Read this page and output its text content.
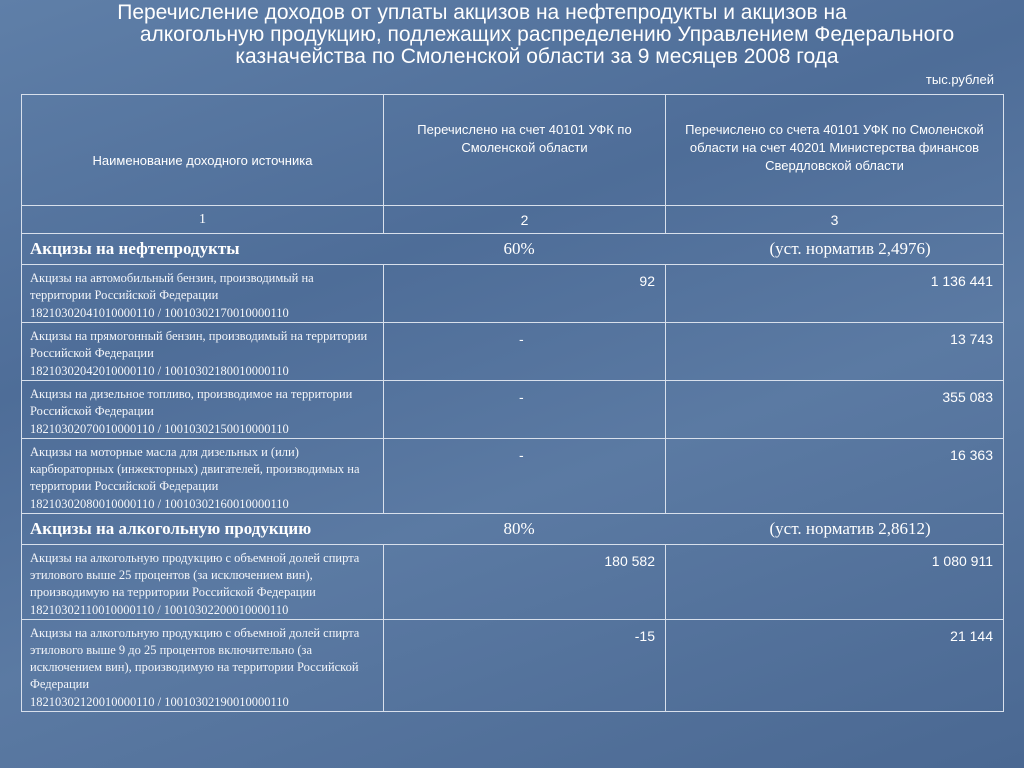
Перечисление доходов от уплаты акцизов на нефтепродукты и акцизов на
алкогольную продукцию, подлежащих распределению Управлением Федерального
казначейства по Смоленской области за 9 месяцев 2008 года
тыс.рублей
Наименование доходного источника	Перечислено на счет 40101 УФК по Смоленской области	Перечислено со счета 40101 УФК по Смоленской области на счет 40201 Министерства финансов Свердловской области
1	2	3
Акцизы на нефтепродукты	60%	(уст. норматив 2,4976)
Акцизы на автомобильный бензин, производимый на территории Российской Федерации
18210302041010000110 / 10010302170010000110	92	1 136 441
Акцизы на прямогонный бензин, производимый на территории Российской Федерации
18210302042010000110 / 10010302180010000110	-	13 743
Акцизы на дизельное топливо, производимое на территории Российской Федерации
18210302070010000110 / 10010302150010000110	-	355 083
Акцизы на моторные масла для дизельных и (или) карбюраторных (инжекторных) двигателей, производимых на территории Российской Федерации
18210302080010000110 / 10010302160010000110	-	16 363
Акцизы на алкогольную продукцию	80%	(уст. норматив 2,8612)
Акцизы на алкогольную продукцию с объемной долей спирта этилового выше 25 процентов (за исключением вин), производимую на территории Российской Федерации
18210302110010000110 / 10010302200010000110	180 582	1 080 911
Акцизы на алкогольную продукцию с объемной долей спирта этилового выше 9 до 25 процентов включительно (за исключением вин), производимую на территории Российской Федерации
18210302120010000110 / 10010302190010000110	-15	21 144
